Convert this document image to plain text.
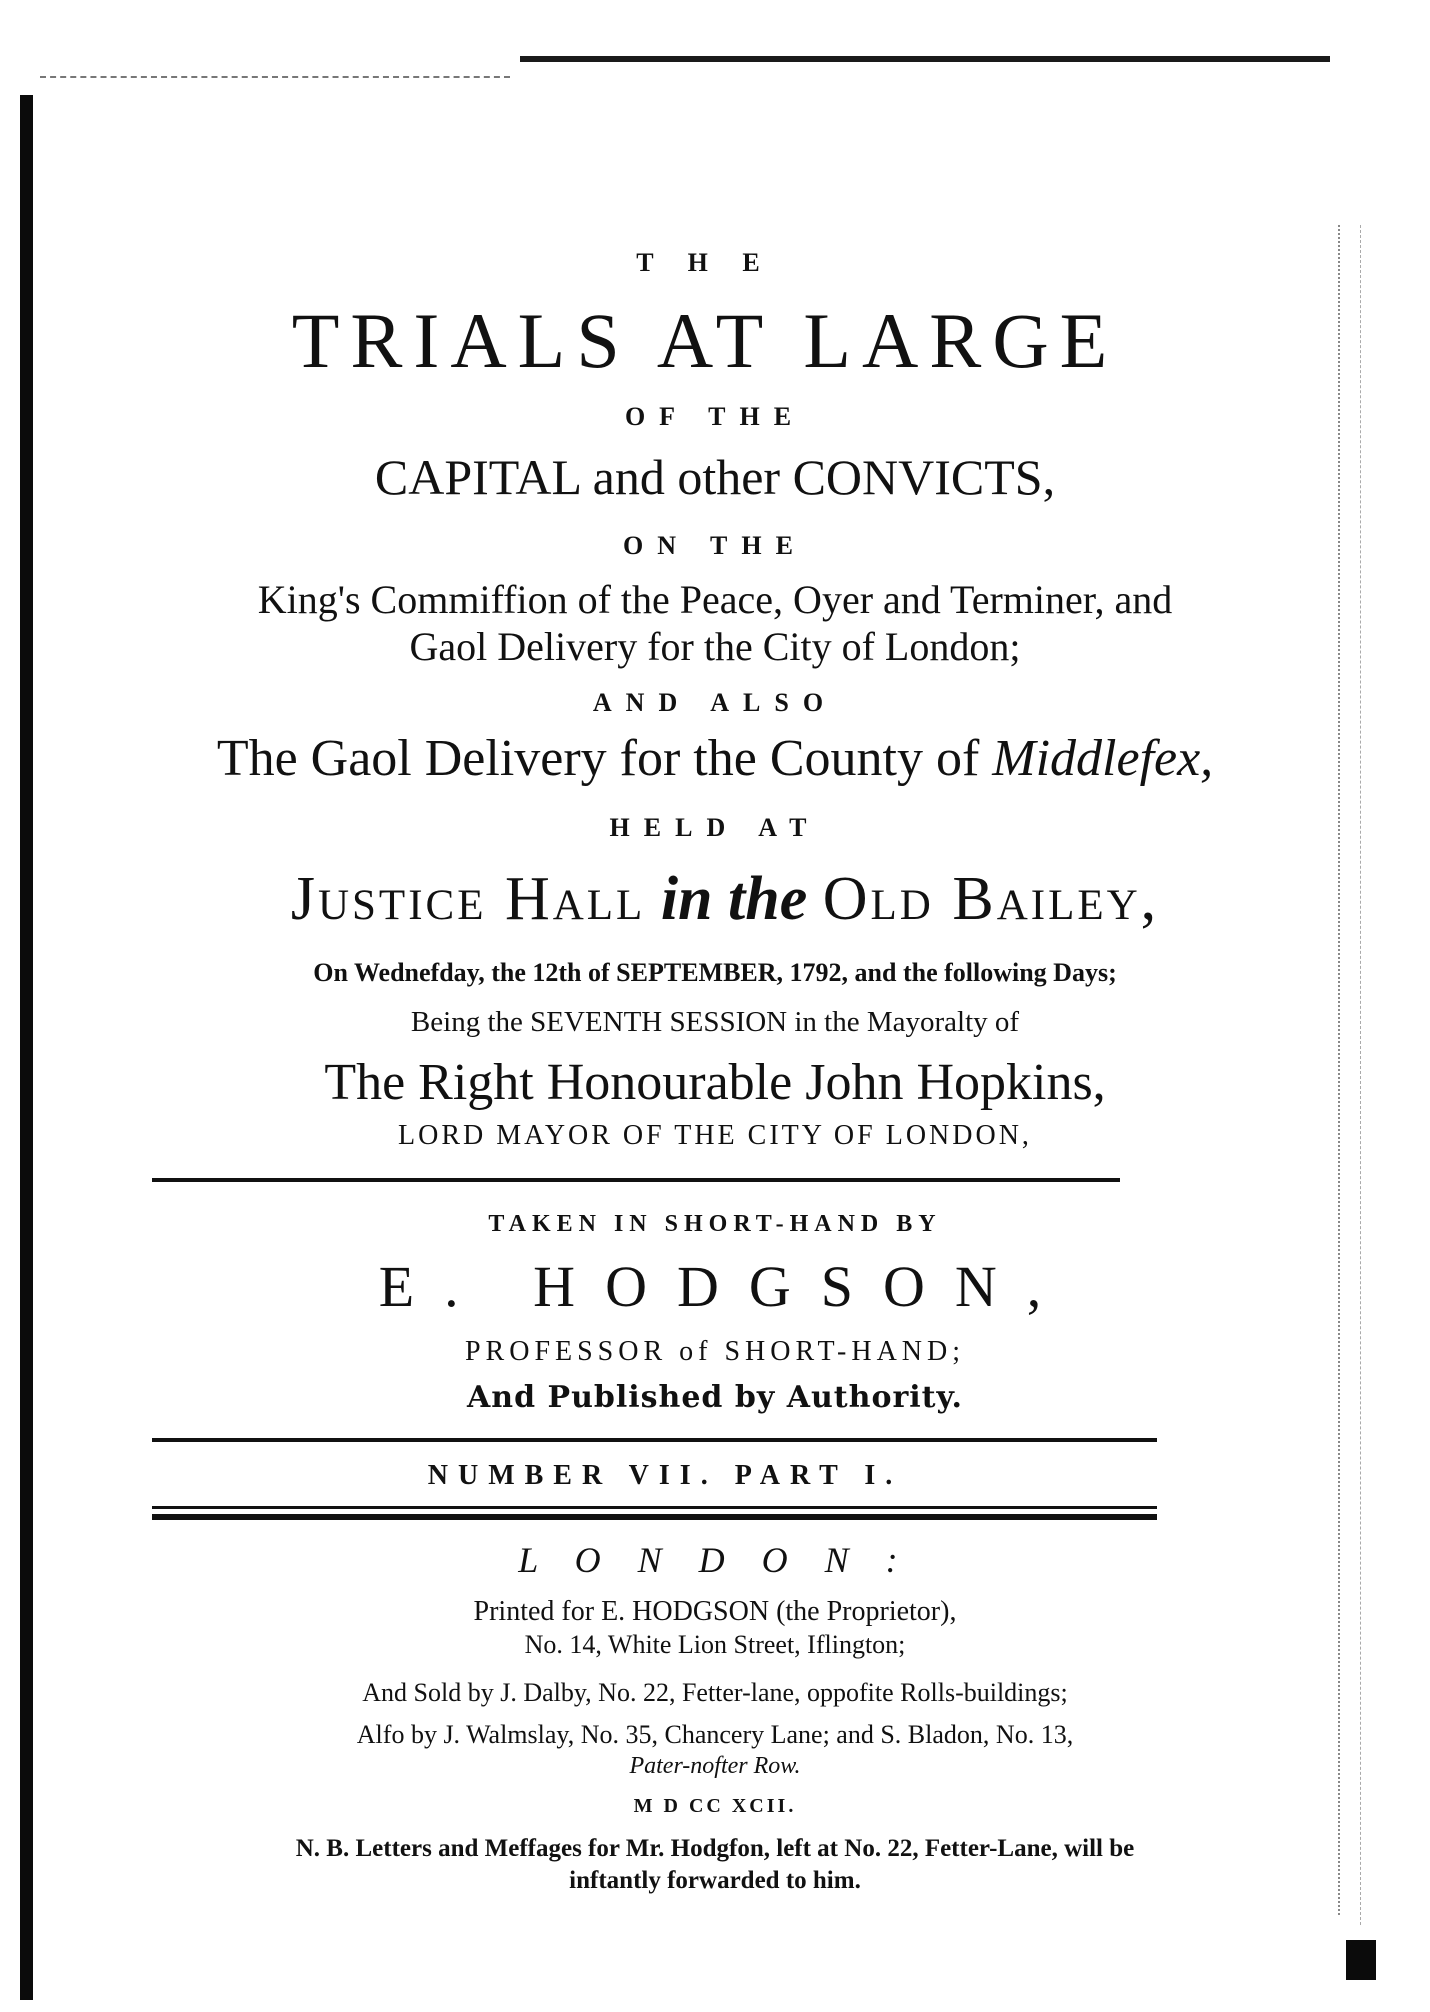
T H E
TRIALS AT LARGE
OF THE
CAPITAL and other CONVICTS,
ON THE
King's Commiffion of the Peace, Oyer and Terminer, and
Gaol Delivery for the City of London;
AND ALSO
The Gaol Delivery for the County of Middlefex,
HELD AT
Justice Hall in the Old Bailey,
On Wednefday, the 12th of SEPTEMBER, 1792, and the following Days;
Being the SEVENTH SESSION in the Mayoralty of
The Right Honourable John Hopkins,
LORD MAYOR OF THE CITY OF LONDON,
TAKEN IN SHORT-HAND BY
E. HODGSON,
PROFESSOR of SHORT-HAND;
And Published by Authority.
NUMBER VII. PART I.
L O N D O N :
Printed for E. HODGSON (the Proprietor),
No. 14, White Lion Street, Iflington;
And Sold by J. Dalby, No. 22, Fetter-lane, oppofite Rolls-buildings;
Alfo by J. Walmslay, No. 35, Chancery Lane; and S. Bladon, No. 13,
Pater-nofter Row.
M D CC XCII.
N. B. Letters and Meffages for Mr. Hodgfon, left at No. 22, Fetter-Lane, will be
inftantly forwarded to him.
